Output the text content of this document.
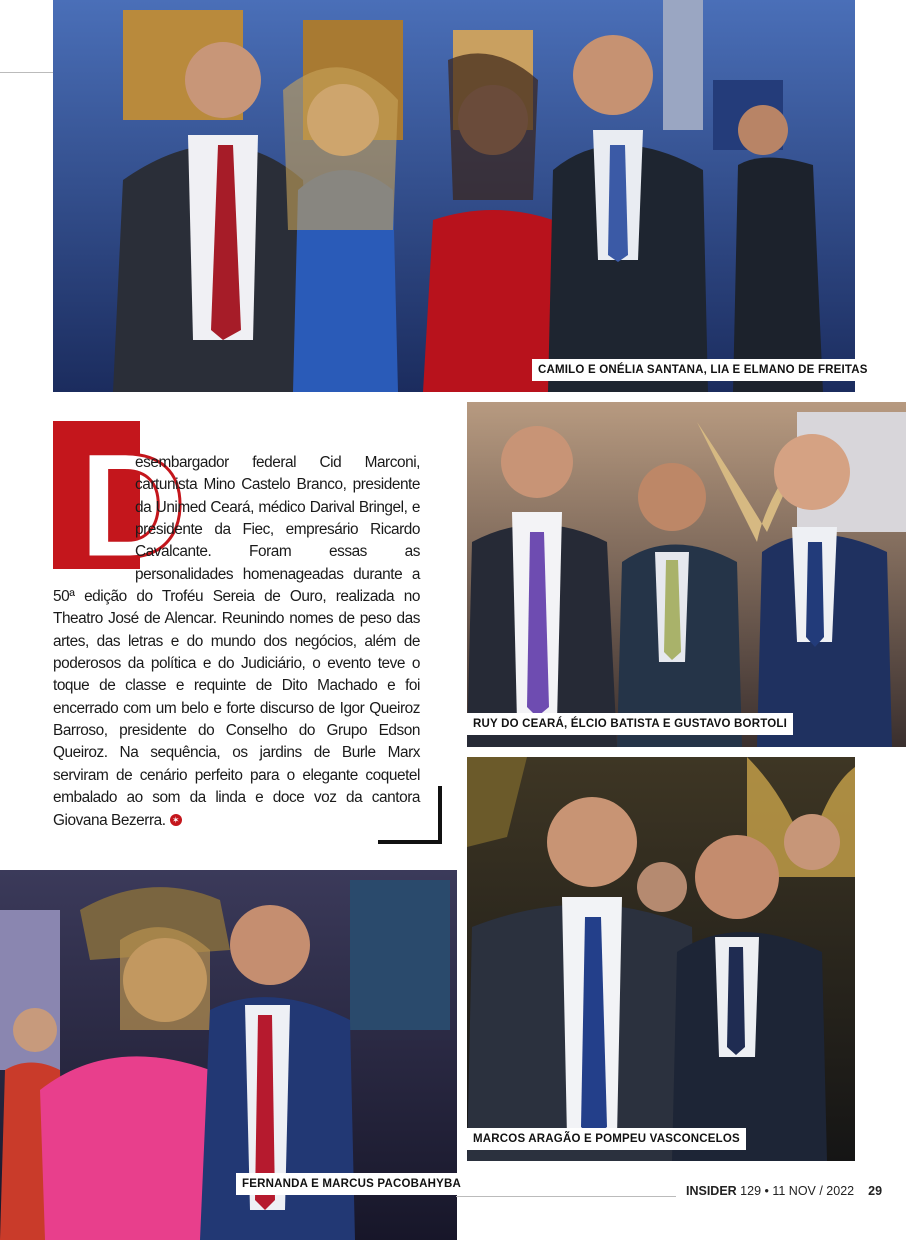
CAMILO E ONÉLIA SANTANA, LIA E ELMANO DE FREITAS
RUY DO CEARÁ, ÉLCIO BATISTA E GUSTAVO BORTOLI
MARCOS ARAGÃO E POMPEU VASCONCELOS
FERNANDA E MARCUS PACOBAHYBA
D
esembargador federal Cid Marconi, cartunista Mino Castelo Branco, presidente da Unimed Ceará, médico Darival Bringel, e presidente da Fiec, empresário Ricardo Cavalcante. Foram essas as personalidades homenageadas durante a 50ª edição do Troféu Sereia de Ouro, realizada no Theatro José de Alencar. Reunindo nomes de peso das artes, das letras e do mundo dos negócios, além de poderosos da política e do Judiciário, o evento teve o toque de classe e requinte de Dito Machado e foi encerrado com um belo e forte discurso de Igor Queiroz Barroso, presidente do Conselho do Grupo Edson Queiroz. Na sequência, os jardins de Burle Marx serviram de cenário perfeito para o elegante coquetel embalado ao som da linda e doce voz da cantora Giovana Bezerra. ✶
INSIDER 129 • 11 NOV / 2022 29
